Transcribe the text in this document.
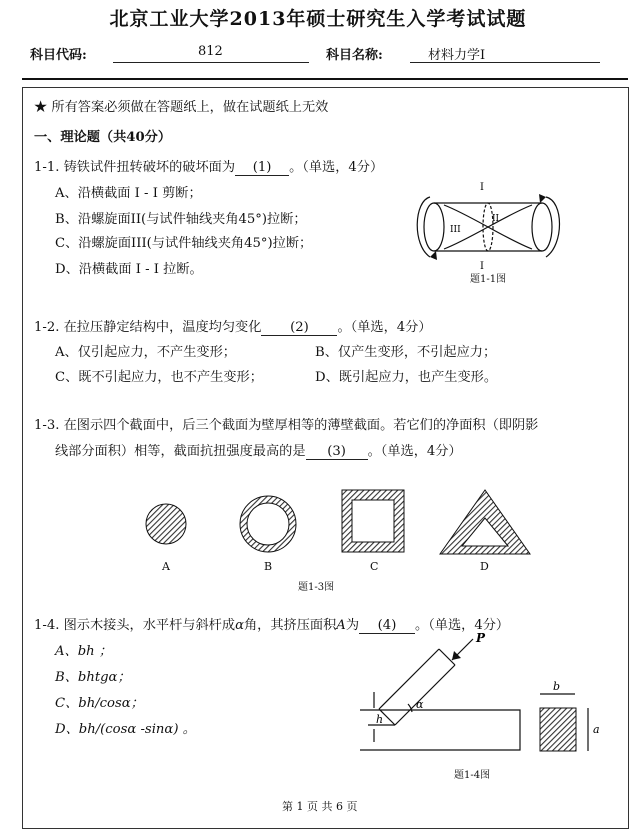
北京工业大学2013年硕士研究生入学考试试题
科目代码:	812	科目名称:	材料力学I
★ 所有答案必须做在答题纸上，做在试题纸上无效
一、理论题（共40分）
1-1. 铸铁试件扭转破坏的破坏面为 (1) 。（单选，4分）
A、沿横截面 I - I 剪断；
B、沿螺旋面II(与试件轴线夹角45°)拉断；
C、沿螺旋面III(与试件轴线夹角45°)拉断；
D、沿横截面 I - I 拉断。
I
II
III
I
题1-1图
1-2. 在拉压静定结构中，温度均匀变化 (2) 。（单选，4分）
A、仅引起应力，不产生变形；	B、仅产生变形，不引起应力；
C、既不引起应力，也不产生变形；	D、既引起应力，也产生变形。
1-3. 在图示四个截面中，后三个截面为壁厚相等的薄壁截面。若它们的净面积（即阴影
线部分面积）相等，截面抗扭强度最高的是 (3) 。（单选，4分）
A	B	C	D
题1-3图
1-4. 图示木接头，水平杆与斜杆成α角，其挤压面积A为 (4) 。（单选，4分）
A、bh ；
B、bhtgα；
C、bh/cosα；
D、bh/(cosα -sinα) 。
P
h
α
b
a
题1-4图
第 1 页 共 6 页
